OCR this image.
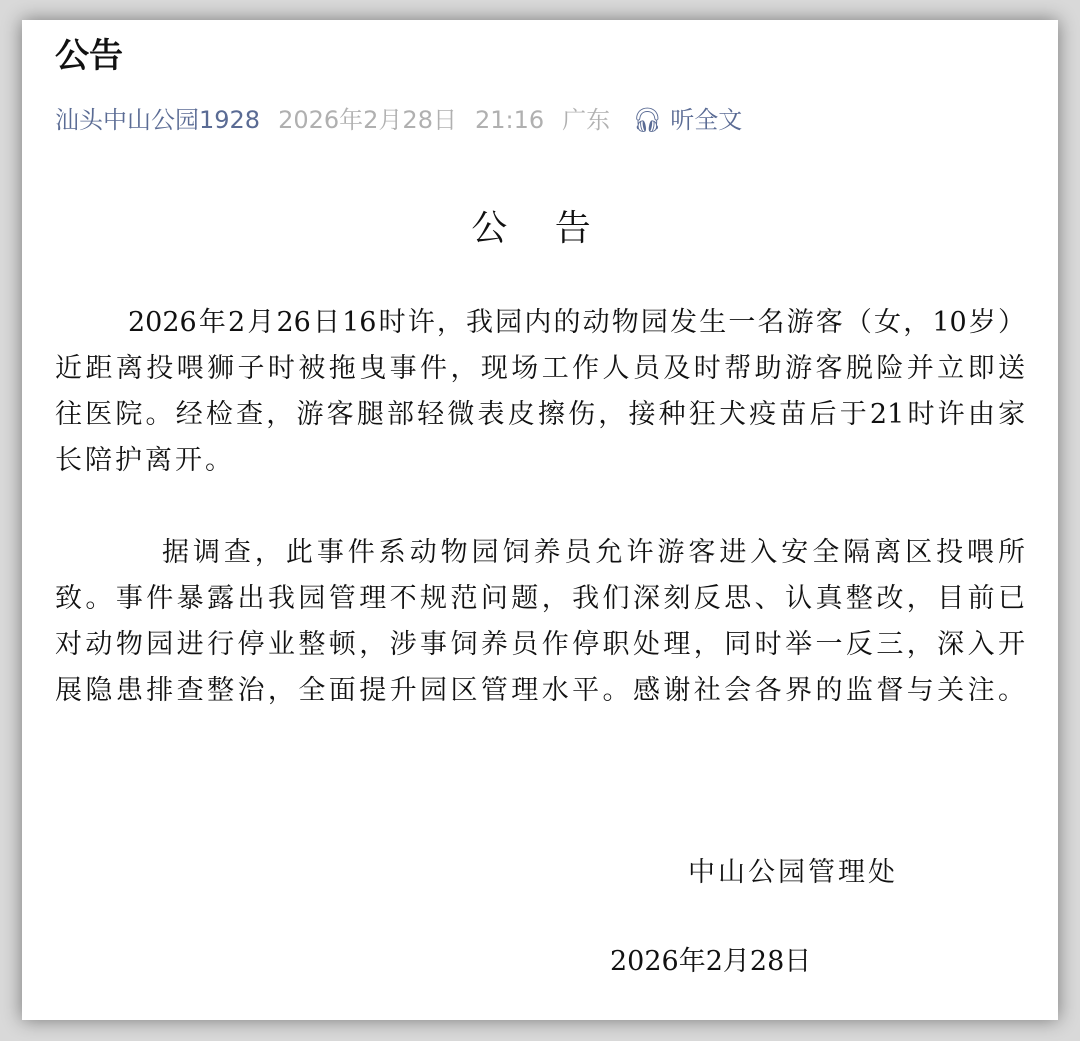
公告
汕头中山公园1928 2026年2月28日 21:16 广东 🎧︎ 听全文
公 告
2026年2月26日16时许，我园内的动物园发生一名游客（女，10岁）
近距离投喂狮子时被拖曳事件，现场工作人员及时帮助游客脱险并立即送
往医院。经检查，游客腿部轻微表皮擦伤，接种狂犬疫苗后于21时许由家
长陪护离开。
据调查，此事件系动物园饲养员允许游客进入安全隔离区投喂所
致。事件暴露出我园管理不规范问题，我们深刻反思、认真整改，目前已
对动物园进行停业整顿，涉事饲养员作停职处理，同时举一反三，深入开
展隐患排查整治，全面提升园区管理水平。感谢社会各界的监督与关注。
中山公园管理处
2026年2月28日
